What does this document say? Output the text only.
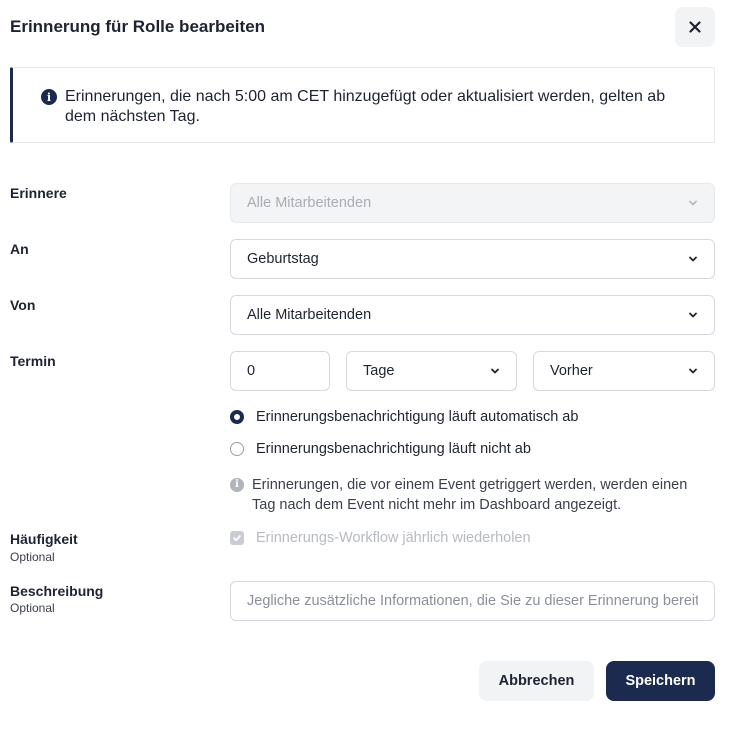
Erinnerung für Rolle bearbeiten
i Erinnerungen, die nach 5:00 am CET hinzugefügt oder aktualisiert werden, gelten ab dem nächsten Tag.
Erinnere
Alle Mitarbeitenden
An
Geburtstag
Von
Alle Mitarbeitenden
Termin
0
Tage	Vorher
Erinnerungsbenachrichtigung läuft automatisch ab
Erinnerungsbenachrichtigung läuft nicht ab
i Erinnerungen, die vor einem Event getriggert werden, werden einen Tag nach dem Event nicht mehr im Dashboard angezeigt.
Häufigkeit
Optional
Erinnerungs-Workflow jährlich wiederholen
Beschreibung
Optional
Jegliche zusätzliche Informationen, die Sie zu dieser Erinnerung bereitstellen möchten
Abbrechen	Speichern
